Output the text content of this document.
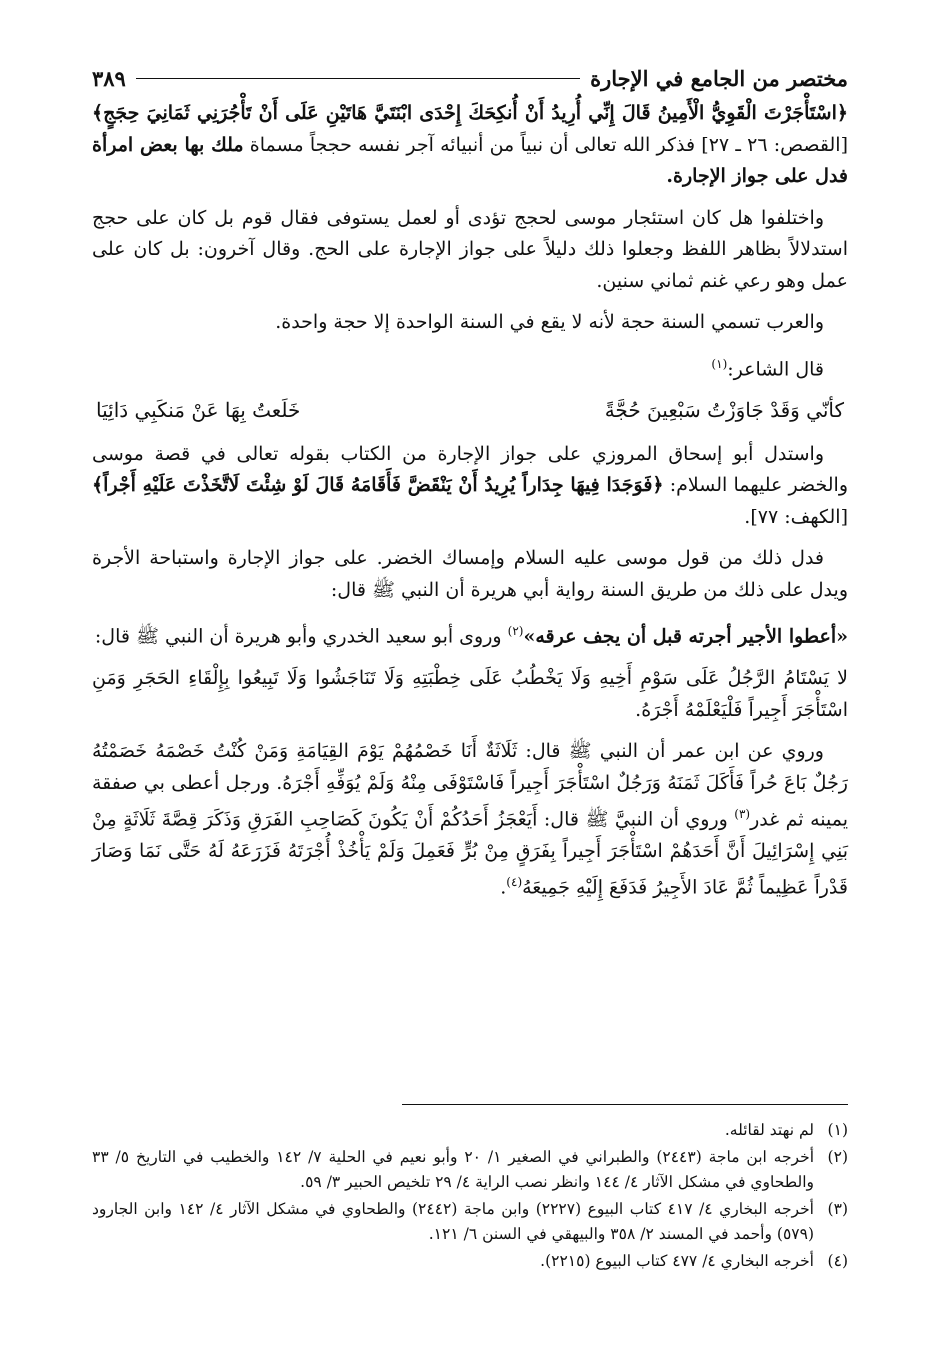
مختصر من الجامع في الإجارة
٣٨٩

﴿اسْتَأْجَرْتَ الْقَوِيُّ الْأَمِينُ قَالَ إِنِّي أُرِيدُ أَنْ أُنكِحَكَ إِحْدَى ابْنَتَيَّ هَاتَيْنِ عَلَى أَنْ تَأْجُرَنِي ثَمَانِيَ حِجَجٍ﴾ [القصص: ٢٦ ـ ٢٧] فذكر الله تعالى أن نبياً من أنبيائه آجر نفسه حججاً مسماة ملك بها بعض امرأة فدل على جواز الإجارة.

واختلفوا هل كان استئجار موسى لحجج تؤدى أو لعمل يستوفى فقال قوم بل كان على حجج استدلالاً بظاهر اللفظ وجعلوا ذلك دليلاً على جواز الإجارة على الحج. وقال آخرون: بل كان على عمل وهو رعي غنم ثماني سنين.

والعرب تسمي السنة حجة لأنه لا يقع في السنة الواحدة إلا حجة واحدة.

قال الشاعر:$^{(١)}$

كأنّي وَقَدْ جَاوَزْتُ سَبْعِينَ حُجَّةً
خَلَعتُ بِهَا عَنْ مَنكَبِي دَائِيَا

واستدل أبو إسحاق المروزي على جواز الإجارة من الكتاب بقوله تعالى في قصة موسى والخضر عليهما السلام: ﴿فَوَجَدَا فِيهَا جِدَاراً يُرِيدُ أَنْ يَنْقَضَّ فَأَقَامَهُ قَالَ لَوْ شِئْتَ لَاتَّخَذْتَ عَلَيْهِ أَجْراً﴾ [الكهف: ٧٧].

فدل ذلك من قول موسى عليه السلام وإمساك الخضر. على جواز الإجارة واستباحة الأجرة ويدل على ذلك من طريق السنة رواية أبي هريرة أن النبي ﷺ قال:

«أعطوا الأجير أجرته قبل أن يجف عرقه»$^{(٢)}$ وروى أبو سعيد الخدري وأبو هريرة أن النبي ﷺ قال:

لا يَسْتَامُ الرَّجُلُ عَلَى سَوْمِ أَخِيهِ وَلَا يَخْطُبُ عَلَى خِطْبَتِهِ وَلَا تَنَاجَشُوا وَلَا تَبِيعُوا بِإِلْقَاءِ الحَجَرِ وَمَنِ اسْتَأْجَرَ أَجِيراً فَلْيَعْلَمْهُ أَجْرَهُ.

وروي عن ابن عمر أن النبي ﷺ قال: ثَلَاثَةٌ أَنَا خَصْمُهُمْ يَوْمَ القِيَامَةِ وَمَنْ كُنْتُ خَصْمَهُ خَصَمْتُهُ رَجُلٌ بَاعَ حُراً فَأَكَلَ ثَمَنَهُ وَرَجُلٌ اسْتَأْجَرَ أَجِيراً فَاسْتَوْفَى مِنْهُ وَلَمْ يُوَفِّهِ أَجْرَهُ. ورجل أعطى بي صفقة يمينه ثم غدر$^{(٣)}$ وروي أن النبيَّ ﷺ قال: أَيَعْجَزُ أَحَدُكُمْ أَنْ يَكُونَ كَصَاحِبِ الفَرَقِ وَذَكَرَ قِصَّةَ ثَلَاثَةٍ مِنْ بَنِي إِسْرَائِيلَ أَنَّ أَحَدَهُمْ اسْتَأْجَرَ أَجِيراً بِفَرَقٍ مِنْ بُرٍّ فَعَمِلَ وَلَمْ يَأْخُذْ أُجْرَتَهُ فَزَرَعَهُ لَهُ حَتَّى نَمَا وَصَارَ قَدْراً عَظِيماً ثُمَّ عَادَ الأَجِيرُ فَدَفَعَ إِلَيْهِ جَمِيعَهُ$^{(٤)}$.

(١)
لم نهتد لقائله.
(٢)
أخرجه ابن ماجة (٢٤٤٣) والطبراني في الصغير ١/ ٢٠ وأبو نعيم في الحلية ٧/ ١٤٢ والخطيب في التاريخ ٥/ ٣٣ والطحاوي في مشكل الآثار ٤/ ١٤٤ وانظر نصب الراية ٤/ ٢٩ تلخيص الحبير ٣/ ٥٩.
(٣)
أخرجه البخاري ٤/ ٤١٧ كتاب البيوع (٢٢٢٧) وابن ماجة (٢٤٤٢) والطحاوي في مشكل الآثار ٤/ ١٤٢ وابن الجارود (٥٧٩) وأحمد في المسند ٢/ ٣٥٨ والبيهقي في السنن ٦/ ١٢١.
(٤)
أخرجه البخاري ٤/ ٤٧٧ كتاب البيوع (٢٢١٥).
